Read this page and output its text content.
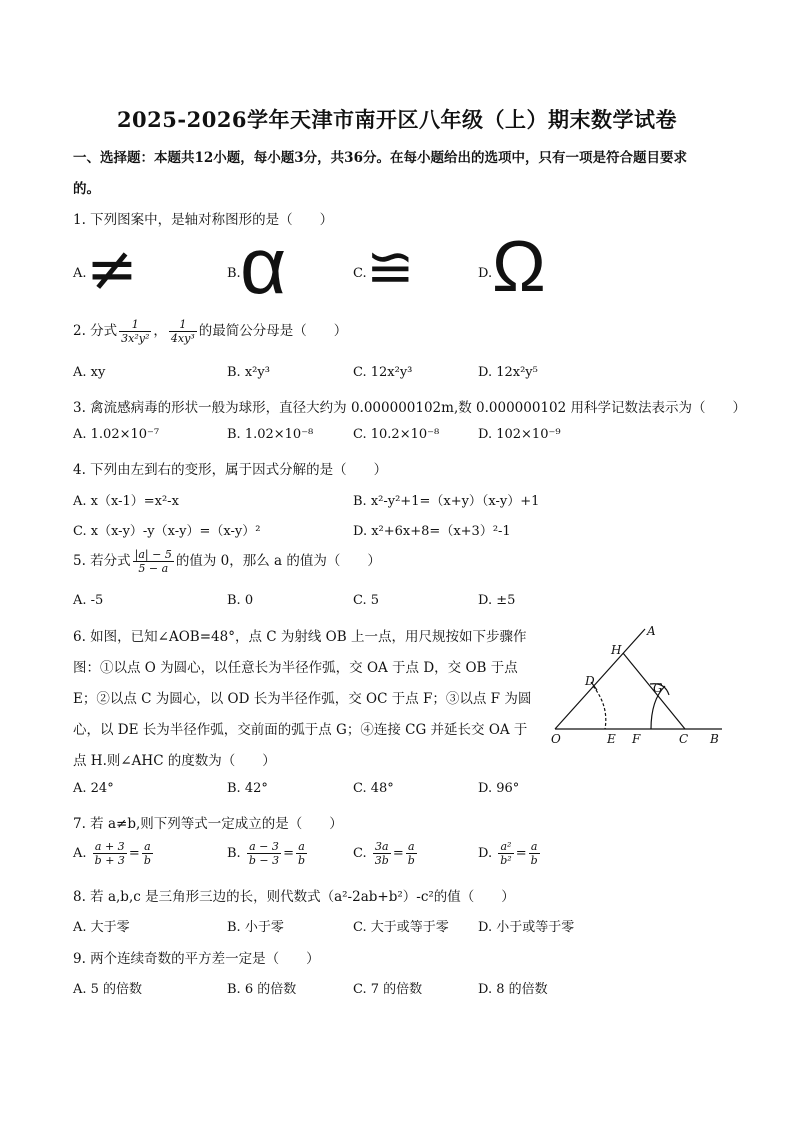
2025-2026学年天津市南开区八年级（上）期末数学试卷
一、选择题：本题共12小题，每小题3分，共36分。在每小题给出的选项中，只有一项是符合题目要求
的。
1. 下列图案中，是轴对称图形的是（　　）
A. ≠	B. α	C. ≌	D. Ω
2. 分式 $\frac{1}{\text{3x²y²}}$ ， $\frac{1}{\text{4xy³}}$ 的最简公分母是（　　）
A. xy	B. x²y³	C. 12x²y³	D. 12x²y⁵
3. 禽流感病毒的形状一般为球形，直径大约为 0.000000102m,数 0.000000102 用科学记数法表示为（　　）
A. 1.02×10⁻⁷	B. 1.02×10⁻⁸	C. 10.2×10⁻⁸	D. 102×10⁻⁹
4. 下列由左到右的变形，属于因式分解的是（　　）
A. x（x-1）=x²-x	B. x²-y²+1=（x+y）（x-y）+1
C. x（x-y）-y（x-y）=（x-y）²	D. x²+6x+8=（x+3）²-1
5. 若分式 $\frac{|a| - 5}{5 - a}$ 的值为 0，那么 a 的值为（　　）
A. -5	B. 0	C. 5	D. ±5
6. 如图，已知∠AOB=48°，点 C 为射线 OB 上一点，用尺规按如下步骤作
图：①以点 O 为圆心，以任意长为半径作弧，交 OA 于点 D，交 OB 于点
E；②以点 C 为圆心，以 OD 长为半径作弧，交 OC 于点 F；③以点 F 为圆
心，以 DE 长为半径作弧，交前面的弧于点 G；④连接 CG 并延长交 OA 于
点 H.则∠AHC 的度数为（　　）
A
H
D	G
O	E F	C B
A. 24°	B. 42°	C. 48°	D. 96°
7. 若 a≠b,则下列等式一定成立的是（　　）
A. $\frac{a + 3}{b + 3} = \frac{a}{b}$	B. $\frac{a - 3}{b - 3} = \frac{a}{b}$	C. $\frac{3a}{3b} = \frac{a}{b}$	D. $\frac{\text{a²}}{\text{b²}} = \frac{a}{b}$
8. 若 a,b,c 是三角形三边的长，则代数式（a²-2ab+b²）-c²的值（　　）
A. 大于零	B. 小于零	C. 大于或等于零 D. 小于或等于零
9. 两个连续奇数的平方差一定是（　　）
A. 5 的倍数	B. 6 的倍数	C. 7 的倍数	D. 8 的倍数
